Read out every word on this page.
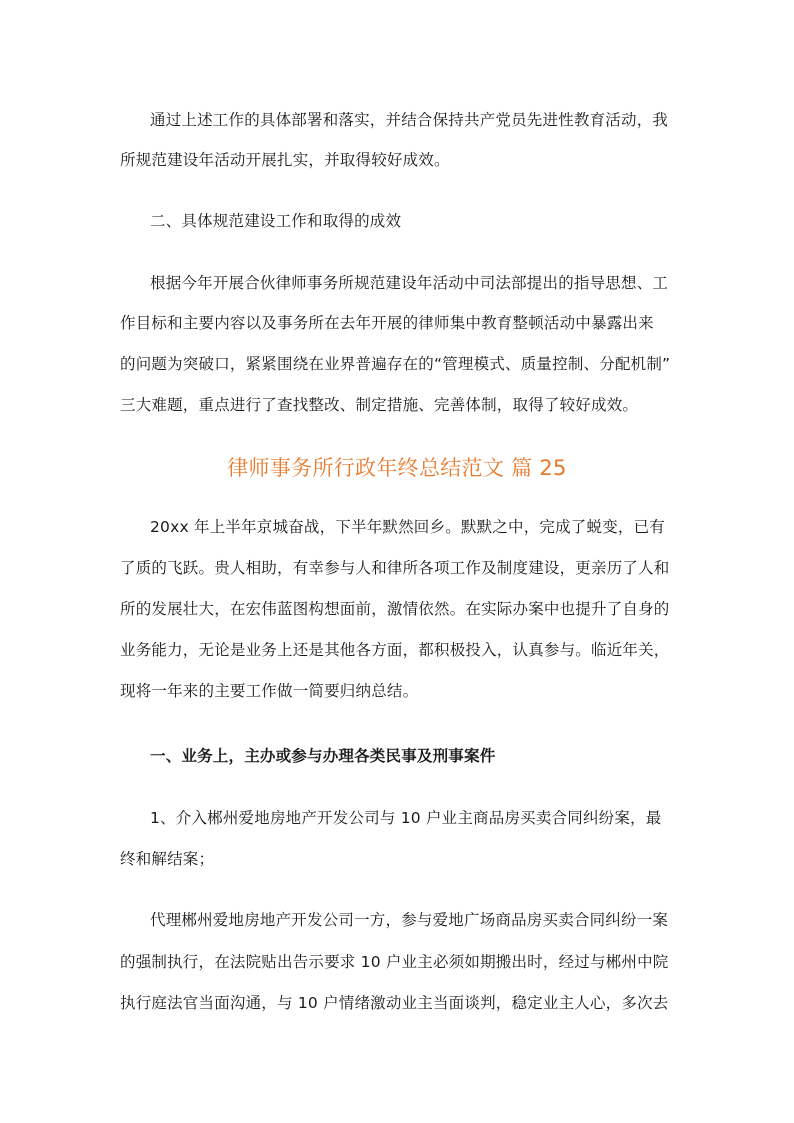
通过上述工作的具体部署和落实，并结合保持共产党员先进性教育活动，我
所规范建设年活动开展扎实，并取得较好成效。
二、具体规范建设工作和取得的成效
根据今年开展合伙律师事务所规范建设年活动中司法部提出的指导思想、工
作目标和主要内容以及事务所在去年开展的律师集中教育整顿活动中暴露出来
的问题为突破口，紧紧围绕在业界普遍存在的“管理模式、质量控制、分配机制”
三大难题，重点进行了查找整改、制定措施、完善体制，取得了较好成效。
律师事务所行政年终总结范文 篇 25
20xx 年上半年京城奋战，下半年默然回乡。默默之中，完成了蜕变，已有
了质的飞跃。贵人相助，有幸参与人和律所各项工作及制度建设，更亲历了人和
所的发展壮大，在宏伟蓝图构想面前，激情依然。在实际办案中也提升了自身的
业务能力，无论是业务上还是其他各方面，都积极投入，认真参与。临近年关，
现将一年来的主要工作做一简要归纳总结。
一、业务上，主办或参与办理各类民事及刑事案件
1、介入郴州爱地房地产开发公司与 10 户业主商品房买卖合同纠纷案，最
终和解结案；
代理郴州爱地房地产开发公司一方，参与爱地广场商品房买卖合同纠纷一案
的强制执行，在法院贴出告示要求 10 户业主必须如期搬出时，经过与郴州中院
执行庭法官当面沟通，与 10 户情绪激动业主当面谈判，稳定业主人心，多次去
